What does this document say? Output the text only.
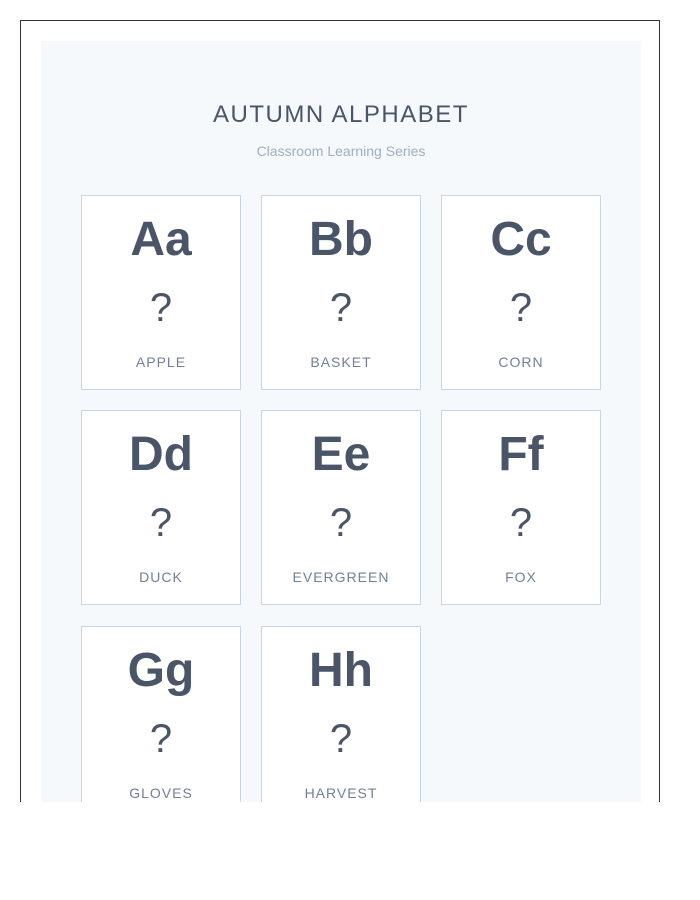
AUTUMN ALPHABET
Classroom Learning Series
Aa
?
APPLE
Bb
?
BASKET
Cc
?
CORN
Dd
?
DUCK
Ee
?
EVERGREEN
Ff
?
FOX
Gg
?
GLOVES
Hh
?
HARVEST
